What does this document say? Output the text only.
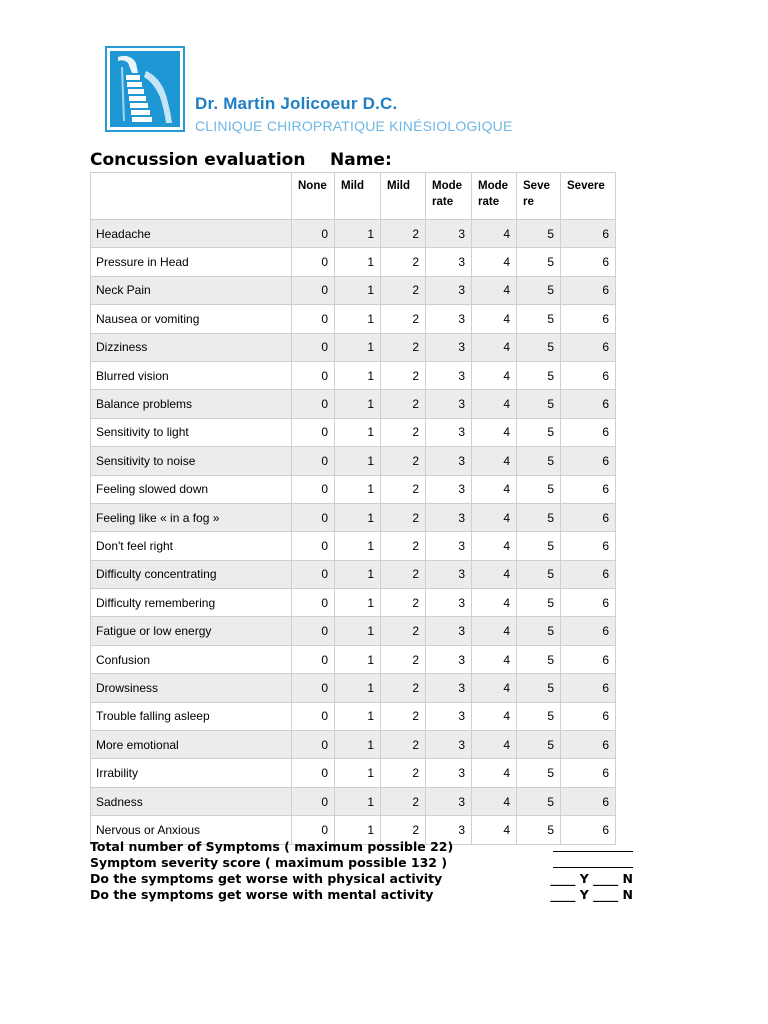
Dr. Martin Jolicoeur D.C.
CLINIQUE CHIROPRATIQUE KINÉSIOLOGIQUE
Concussion evaluation Name:
	None	Mild	Mild	Mode rate	Mode rate	Seve re	Severe
Headache	0	1	2	3	4	5	6
Pressure in Head	0	1	2	3	4	5	6
Neck Pain	0	1	2	3	4	5	6
Nausea or vomiting	0	1	2	3	4	5	6
Dizziness	0	1	2	3	4	5	6
Blurred vision	0	1	2	3	4	5	6
Balance problems	0	1	2	3	4	5	6
Sensitivity to light	0	1	2	3	4	5	6
Sensitivity to noise	0	1	2	3	4	5	6
Feeling slowed down	0	1	2	3	4	5	6
Feeling like « in a fog »	0	1	2	3	4	5	6
Don't feel right	0	1	2	3	4	5	6
Difficulty concentrating	0	1	2	3	4	5	6
Difficulty remembering	0	1	2	3	4	5	6
Fatigue or low energy	0	1	2	3	4	5	6
Confusion	0	1	2	3	4	5	6
Drowsiness	0	1	2	3	4	5	6
Trouble falling asleep	0	1	2	3	4	5	6
More emotional	0	1	2	3	4	5	6
Irrability	0	1	2	3	4	5	6
Sadness	0	1	2	3	4	5	6
Nervous or Anxious	0	1	2	3	4	5	6
Total number of Symptoms ( maximum possible 22)
Symptom severity score ( maximum possible 132 )
Do the symptoms get worse with physical activity	____ Y ____ N
Do the symptoms get worse with mental activity	____ Y ____ N
